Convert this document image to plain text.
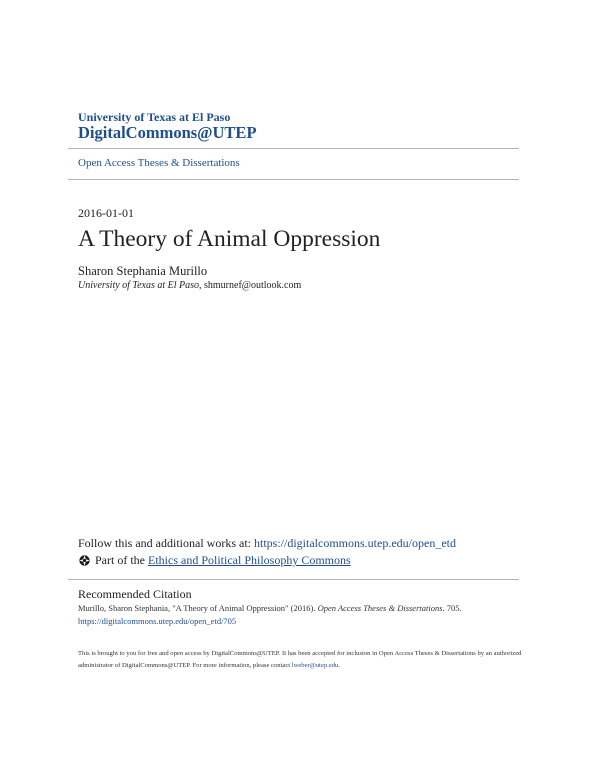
University of Texas at El Paso
DigitalCommons@UTEP
Open Access Theses & Dissertations
2016-01-01
A Theory of Animal Oppression
Sharon Stephania Murillo
University of Texas at El Paso, shmurnef@outlook.com
Follow this and additional works at: https://digitalcommons.utep.edu/open_etd
Part of the
Ethics and Political Philosophy Commons
Recommended Citation
Murillo, Sharon Stephania, "A Theory of Animal Oppression" (2016). Open Access Theses & Dissertations. 705.
https://digitalcommons.utep.edu/open_etd/705
This is brought to you for free and open access by DigitalCommons@UTEP. It has been accepted for inclusion in Open Access Theses & Dissertations by an authorized administrator of DigitalCommons@UTEP. For more information, please contact lweber@utep.edu.
